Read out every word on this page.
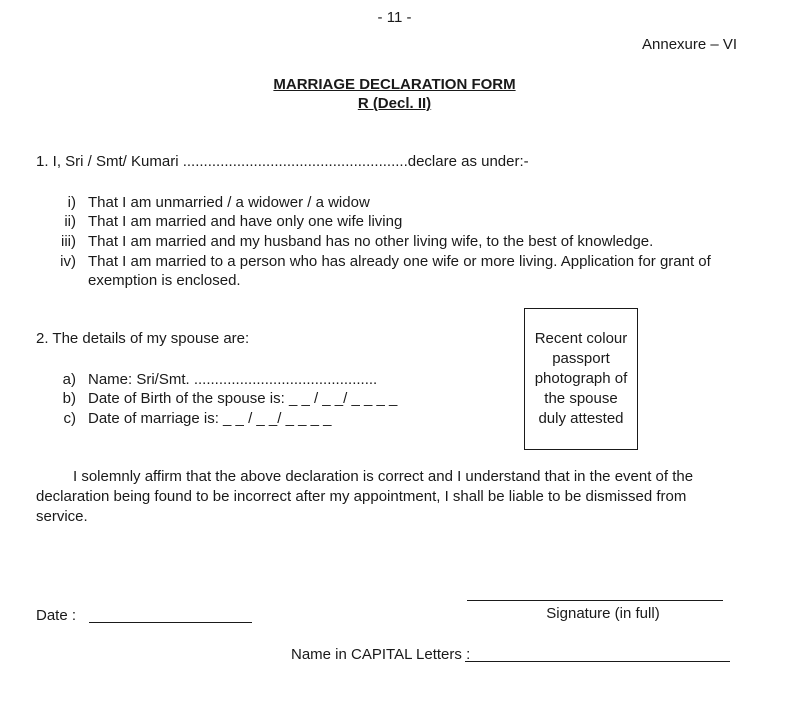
- 11 -
Annexure – VI
MARRIAGE DECLARATION FORM
R (Decl. II)
1. I, Sri / Smt/ Kumari ......................................................declare as under:-
i) That I am unmarried / a widower / a widow
ii) That I am married and have only one wife living
iii) That I am married and my husband has no other living wife, to the best of knowledge.
iv) That I am married to a person who has already one wife or more living. Application for grant of
exemption is enclosed.
2. The details of my spouse are:
a) Name: Sri/Smt. ............................................
b) Date of Birth of the spouse is: _ _ / _ _/ _ _ _ _
c) Date of marriage is: _ _ / _ _/ _ _ _ _
Recent colour passport photograph of the spouse duly attested
I solemnly affirm that the above declaration is correct and I understand that in the event of the declaration being found to be incorrect after my appointment, I shall be liable to be dismissed from service.
Signature (in full)
Date :
Name in CAPITAL Letters :
